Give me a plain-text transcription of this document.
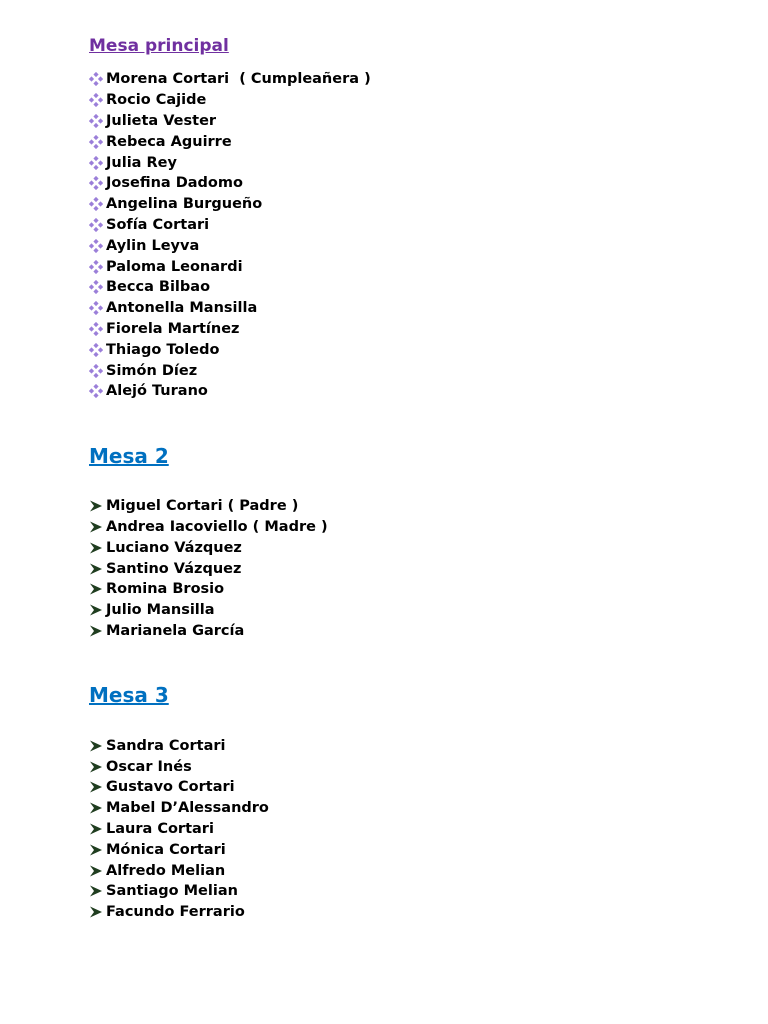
Mesa principal
Morena Cortari  ( Cumpleañera )
Rocio Cajide
Julieta Vester
Rebeca Aguirre
Julia Rey
Josefina Dadomo
Angelina Burgueño
Sofía Cortari
Aylin Leyva
Paloma Leonardi
Becca Bilbao
Antonella Mansilla
Fiorela Martínez
Thiago Toledo
Simón Díez
Alejó Turano
Mesa 2
Miguel Cortari ( Padre )
Andrea Iacoviello ( Madre )
Luciano Vázquez
Santino Vázquez
Romina Brosio
Julio Mansilla
Marianela García
Mesa 3
Sandra Cortari
Oscar Inés
Gustavo Cortari
Mabel D’Alessandro
Laura Cortari
Mónica Cortari
Alfredo Melian
Santiago Melian
Facundo Ferrario
